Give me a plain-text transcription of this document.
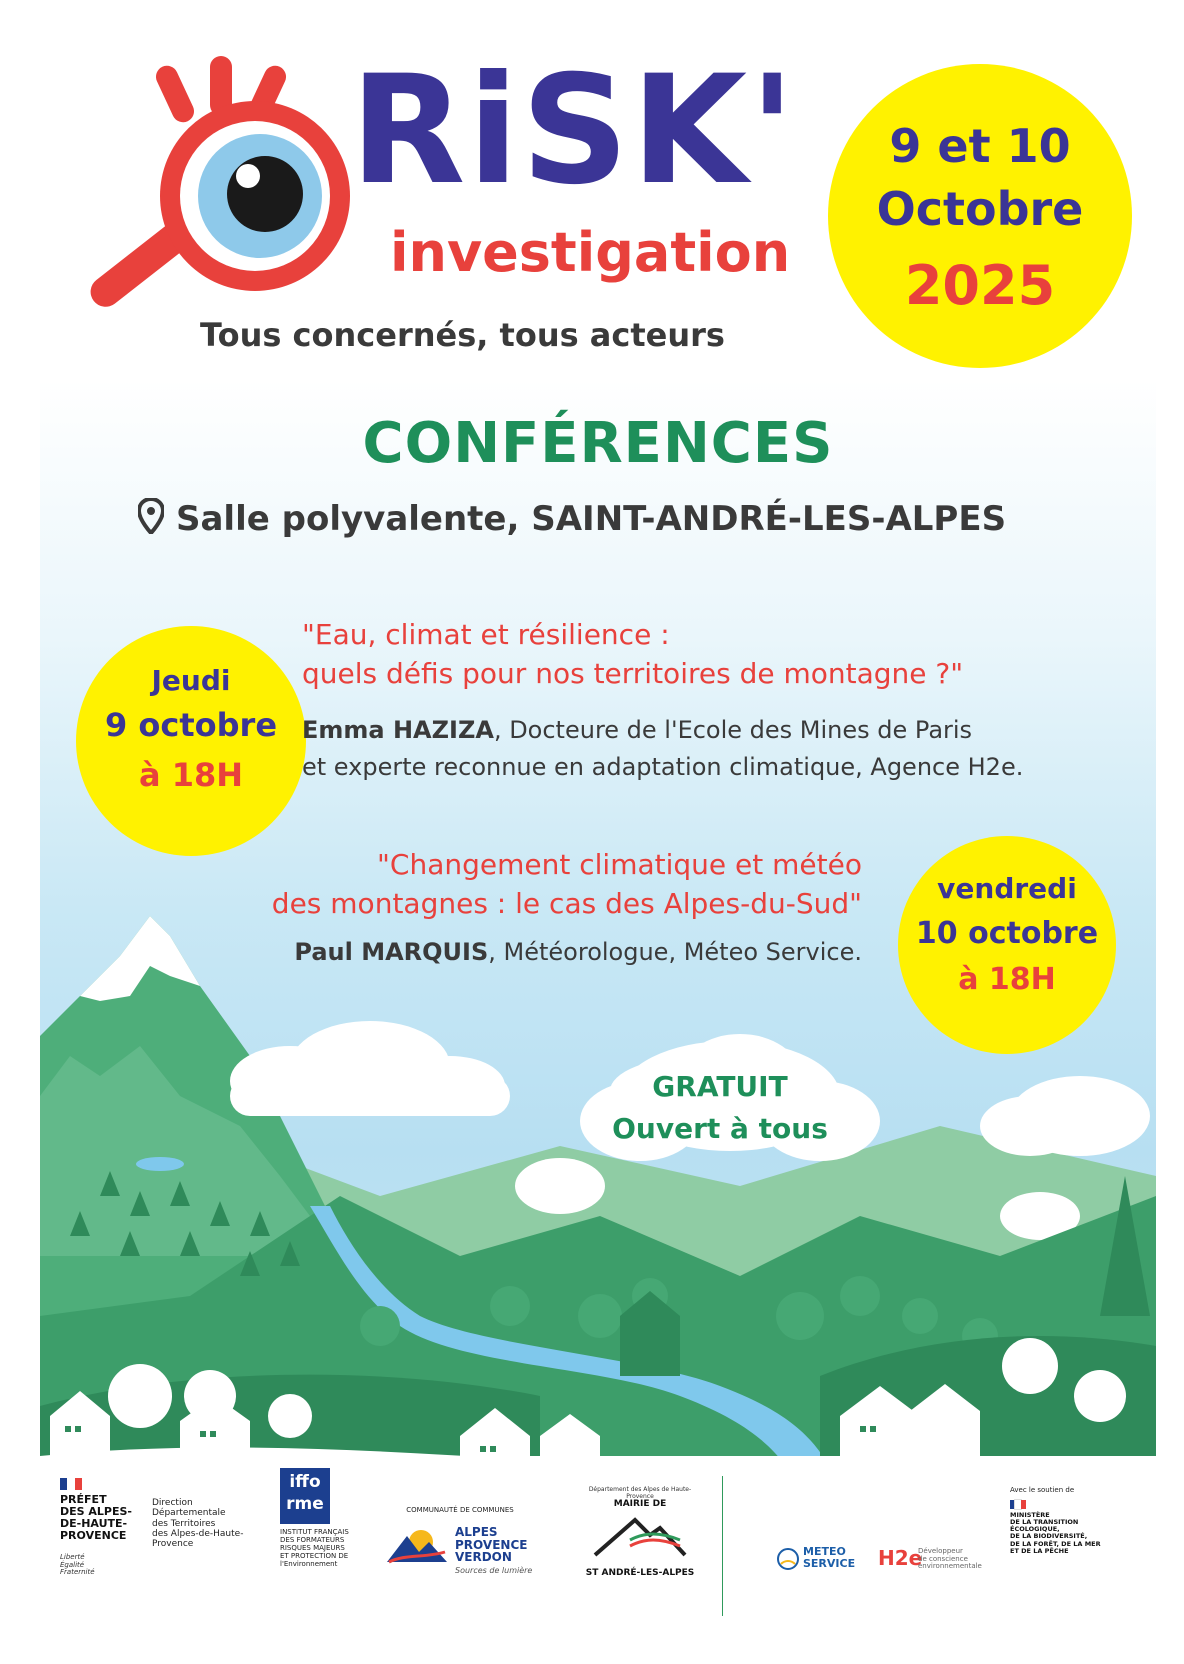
RiSK'
investigation
Tous concernés, tous acteurs
9 et 10
Octobre
2025
CONFÉRENCES
Salle polyvalente, SAINT-ANDRÉ-LES-ALPES
Jeudi
9 octobre
à 18H
"Eau, climat et résilience :
quels défis pour nos territoires de montagne ?"
Emma HAZIZA, Docteure de l'Ecole des Mines de Paris
et experte reconnue en adaptation climatique, Agence H2e.
GRATUIT
Ouvert à tous
"Changement climatique et météo
des montagnes : le cas des Alpes-du-Sud"
Paul MARQUIS, Météorologue, Méteo Service.
vendredi
10 octobre
à 18H
PRÉFET
DES ALPES-
DE-HAUTE-
PROVENCE
Liberté
Égalité
Fraternité
Direction Départementale
des Territoires
des Alpes-de-Haute-
Provence
iffo
rme
INSTITUT FRANÇAIS
DES FORMATEURS
RISQUES MAJEURS
ET PROTECTION DE
l'Environnement
COMMUNAUTÉ DE COMMUNES
ALPES
PROVENCE
VERDON
Sources de lumière
Département des Alpes de Haute-Provence
MAIRIE DE
ST ANDRÉ-LES-ALPES
METEO
SERVICE H2e
Développeur
de conscience
environnementale
Avec le soutien de
MINISTÈRE
DE LA TRANSITION
ÉCOLOGIQUE,
DE LA BIODIVERSITÉ,
DE LA FORÊT, DE LA MER
ET DE LA PÊCHE
